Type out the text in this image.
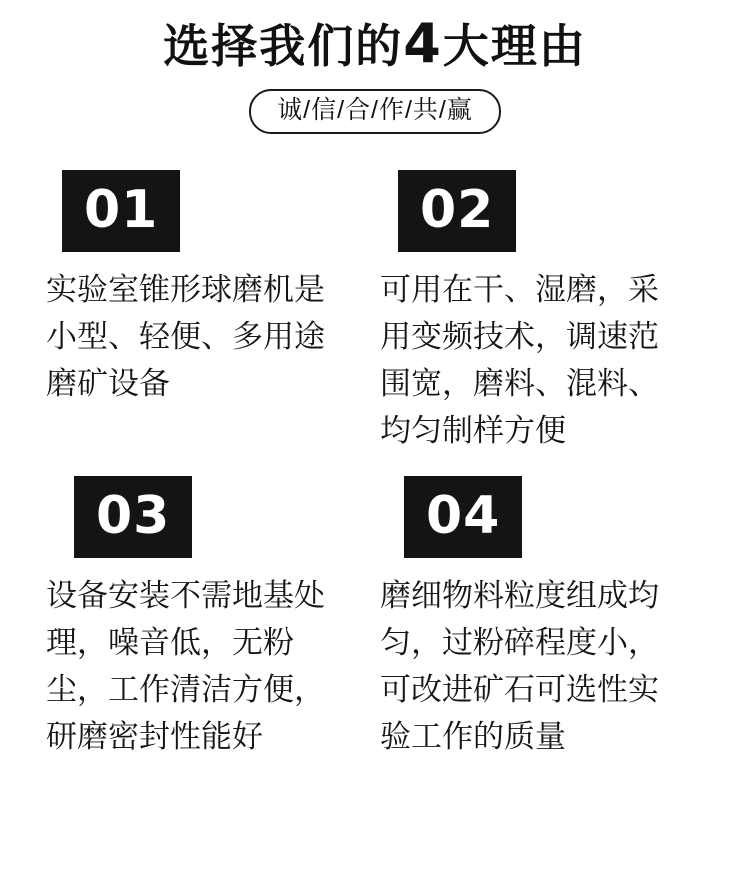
选择我们的4大理由
诚/信/合/作/共/赢
01
实验室锥形球磨机是小型、轻便、多用途磨矿设备
02
可用在干、湿磨，采用变频技术，调速范围宽，磨料、混料、均匀制样方便
03
设备安装不需地基处理，噪音低，无粉尘，工作清洁方便，研磨密封性能好
04
磨细物料粒度组成均匀，过粉碎程度小，可改进矿石可选性实验工作的质量
